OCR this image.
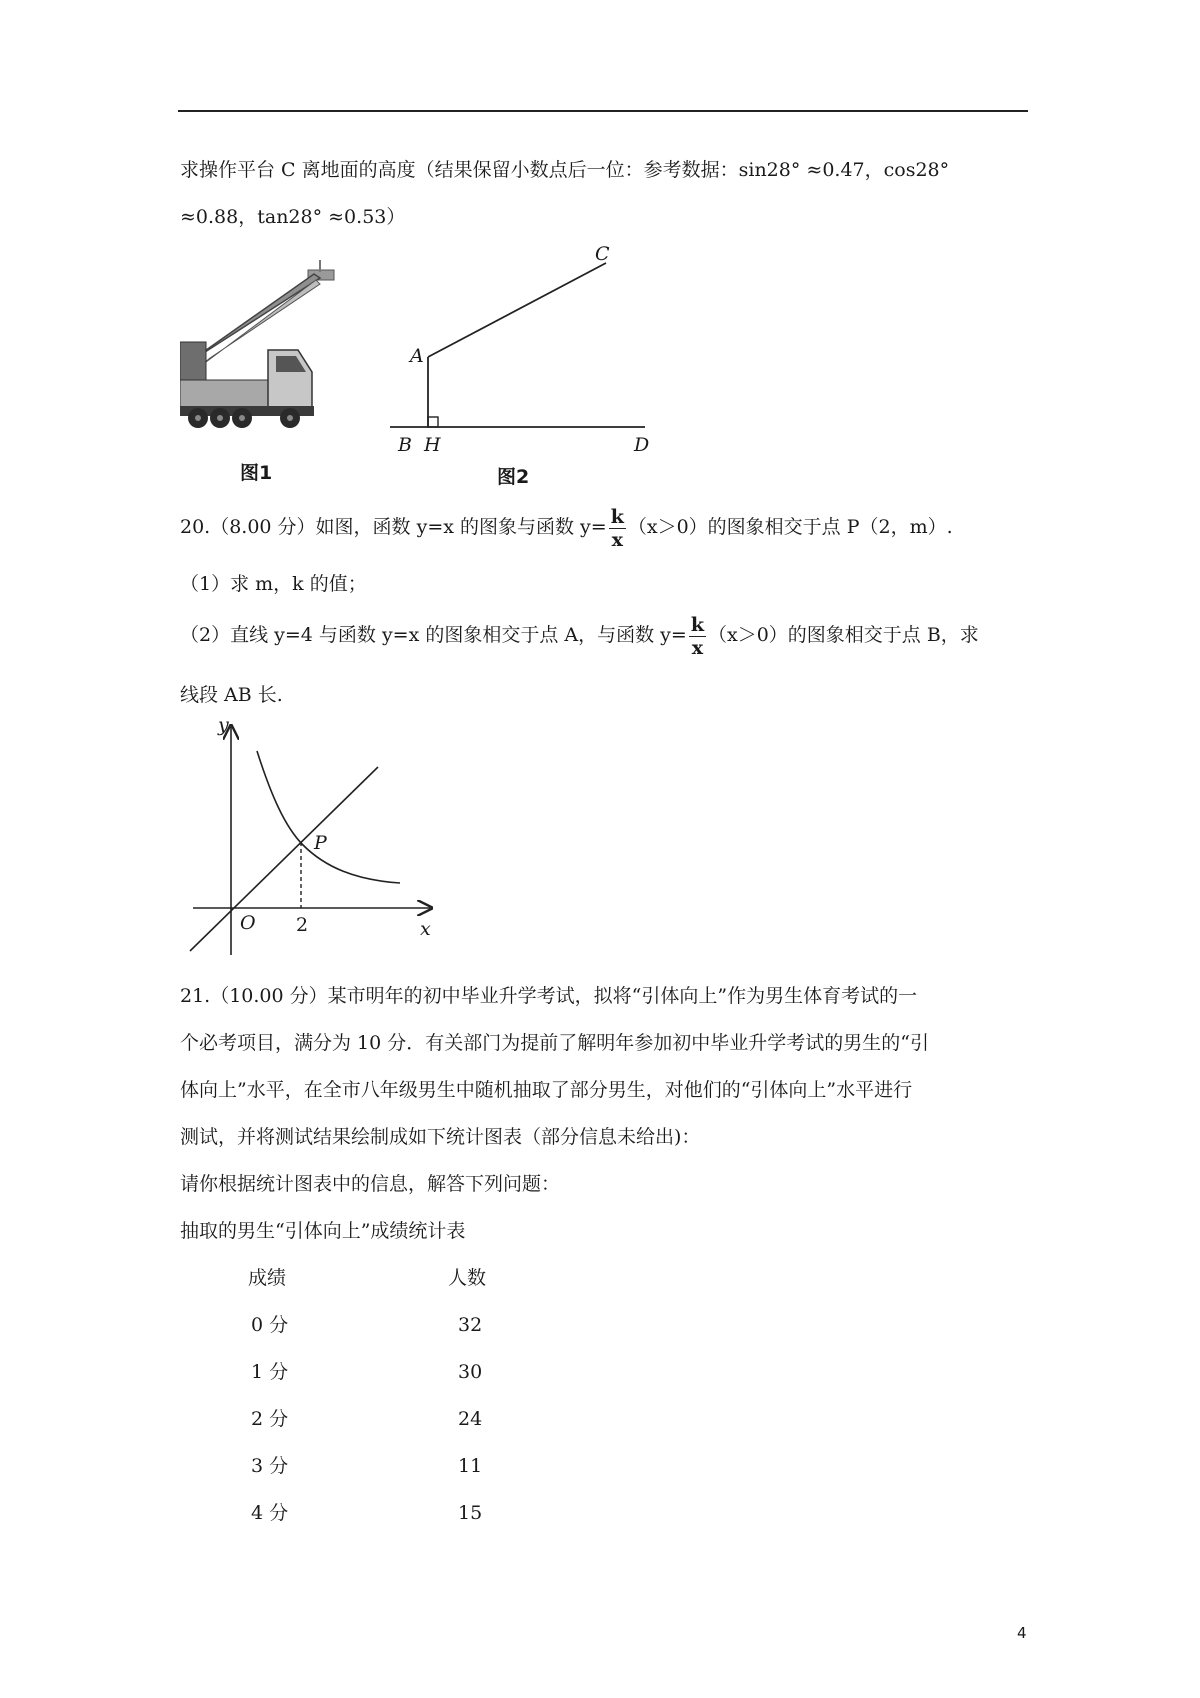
求操作平台 C 离地面的高度（结果保留小数点后一位：参考数据：sin28° ≈0.47，cos28°
≈0.88，tan28° ≈0.53）
图1
C
A
B H	D
图2
20.（8.00 分）如图，函数 y=x 的图象与函数 $y= \frac{k}{x} (x>0)$的图象相交于点 P（2，m）.
（1）求 m，k 的值；
（2）直线 y=4 与函数 y=x 的图象相交于点 A，与函数 $y= \frac{k}{x} (x>0)$的图象相交于点 B，求
线段 AB 长.
y
x
O 2
P
21.（10.00 分）某市明年的初中毕业升学考试，拟将“引体向上”作为男生体育考试的一
个必考项目，满分为 10 分．有关部门为提前了解明年参加初中毕业升学考试的男生的“引
体向上”水平，在全市八年级男生中随机抽取了部分男生，对他们的“引体向上”水平进行
测试，并将测试结果绘制成如下统计图表（部分信息未给出)：
请你根据统计图表中的信息，解答下列问题：
抽取的男生“引体向上”成绩统计表
成绩	人数
0 分	32
1 分	30
2 分	24
3 分	11
4 分	15
4
